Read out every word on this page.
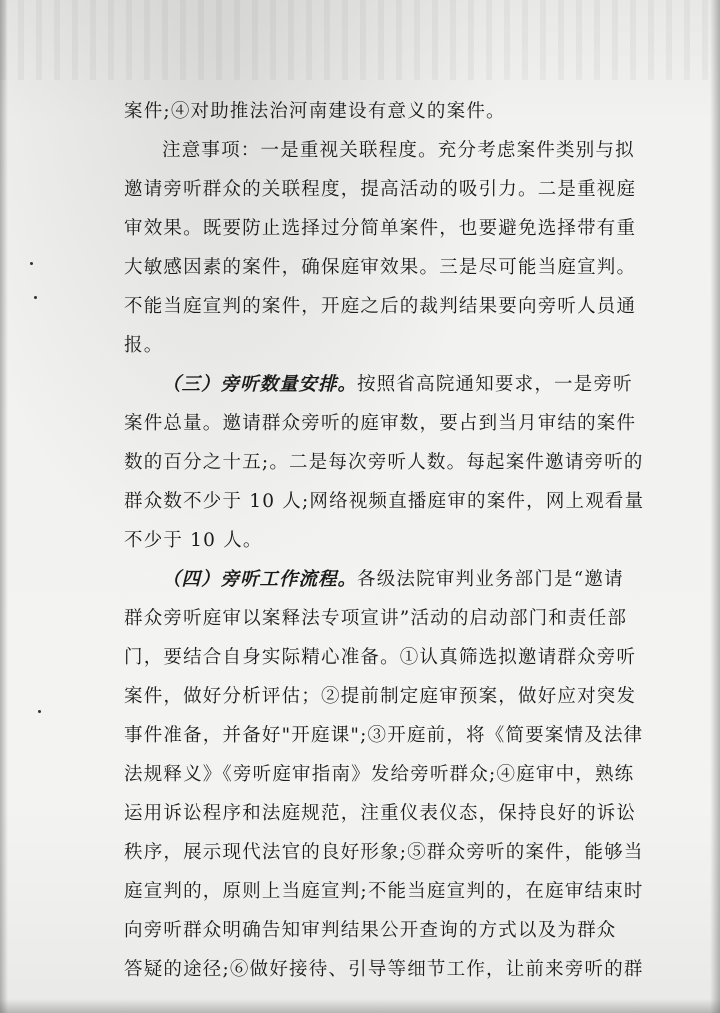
案件;④对助推法治河南建设有意义的案件。
注意事项：一是重视关联程度。充分考虑案件类别与拟
邀请旁听群众的关联程度，提高活动的吸引力。二是重视庭
审效果。既要防止选择过分简单案件，也要避免选择带有重
大敏感因素的案件，确保庭审效果。三是尽可能当庭宣判。
不能当庭宣判的案件，开庭之后的裁判结果要向旁听人员通
报。
（三）旁听数量安排。按照省高院通知要求，一是旁听
案件总量。邀请群众旁听的庭审数，要占到当月审结的案件
数的百分之十五;。二是每次旁听人数。每起案件邀请旁听的
群众数不少于 10 人;网络视频直播庭审的案件，网上观看量
不少于 10 人。
（四）旁听工作流程。各级法院审判业务部门是“邀请
群众旁听庭审以案释法专项宣讲”活动的启动部门和责任部
门，要结合自身实际精心准备。①认真筛选拟邀请群众旁听
案件，做好分析评估；②提前制定庭审预案，做好应对突发
事件准备，并备好"开庭课";③开庭前，将《简要案情及法律
法规释义》《旁听庭审指南》发给旁听群众;④庭审中，熟练
运用诉讼程序和法庭规范，注重仪表仪态，保持良好的诉讼
秩序，展示现代法官的良好形象;⑤群众旁听的案件，能够当
庭宣判的，原则上当庭宣判;不能当庭宣判的，在庭审结束时
向旁听群众明确告知审判结果公开查询的方式以及为群众
答疑的途径;⑥做好接待、引导等细节工作，让前来旁听的群
